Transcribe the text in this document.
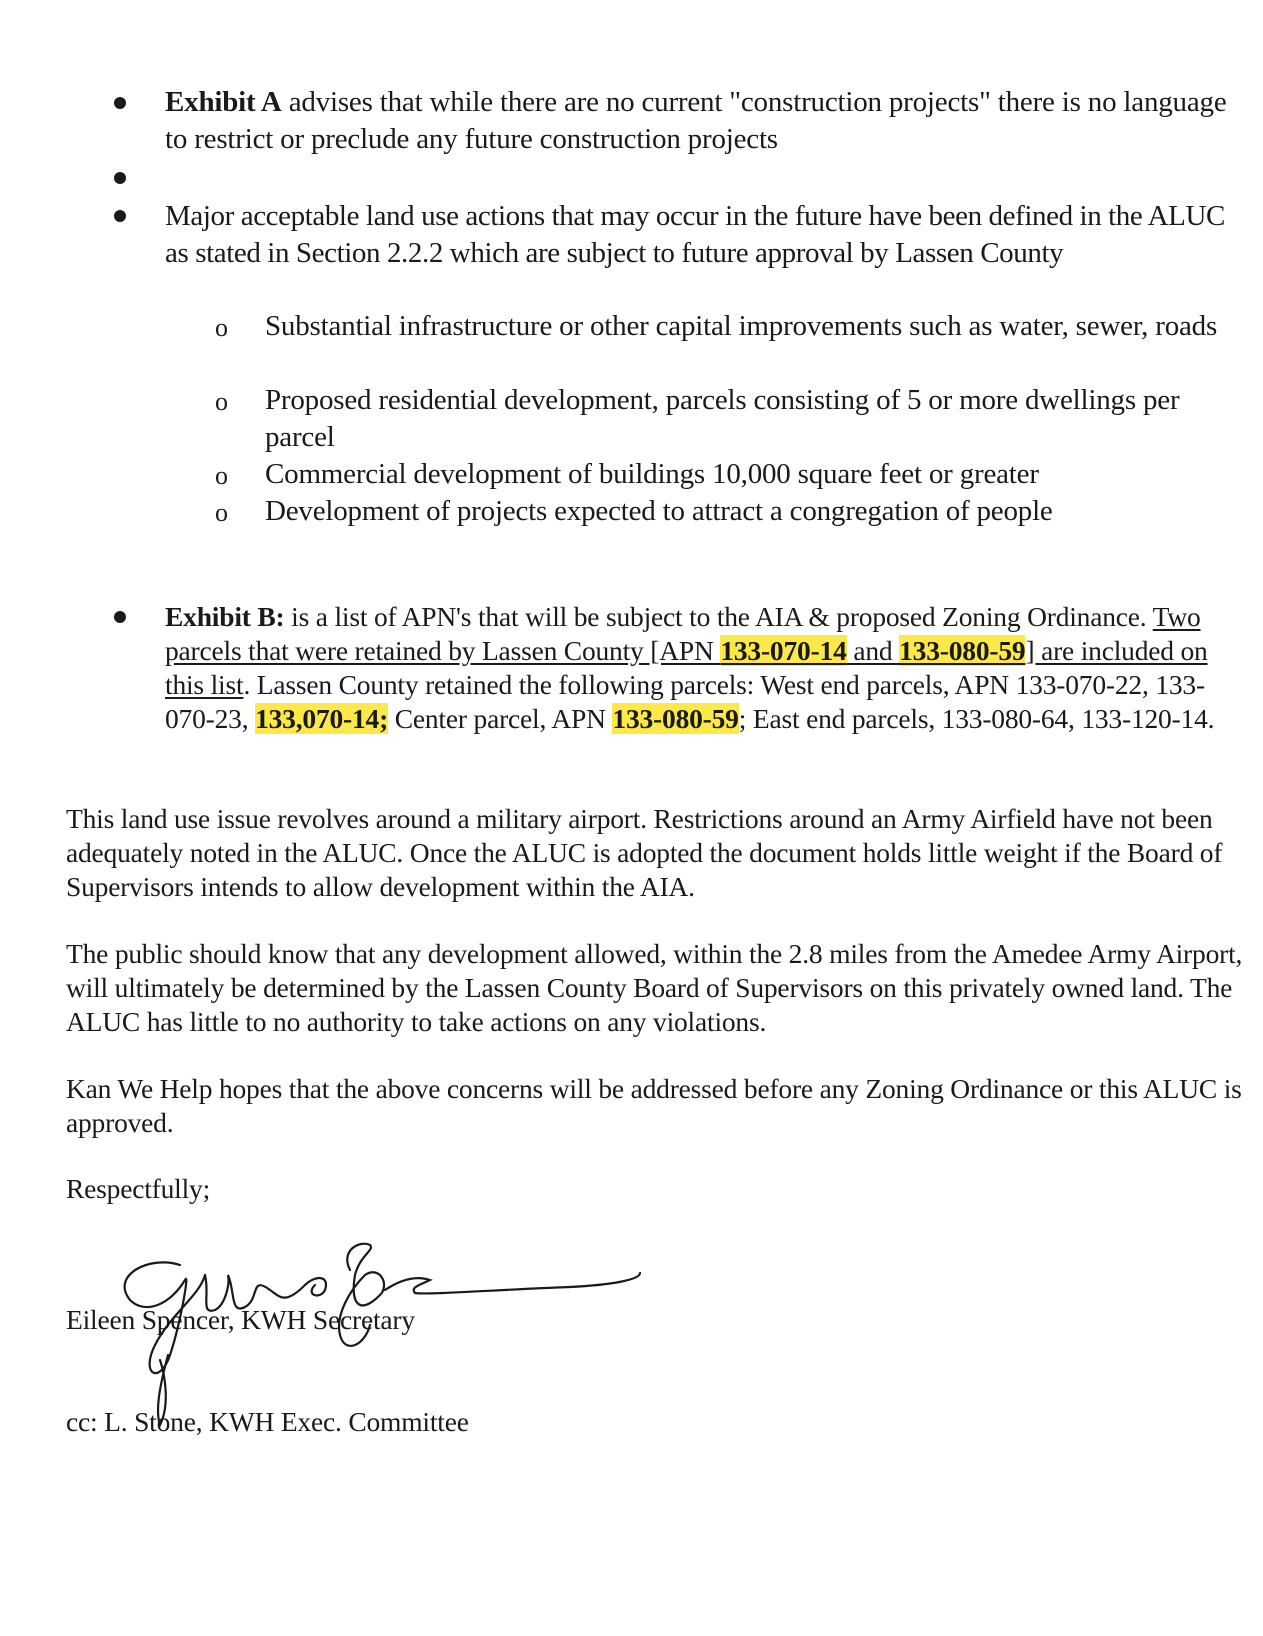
Exhibit A advises that while there are no current "construction projects" there is no language to restrict or preclude any future construction projects
Major acceptable land use actions that may occur in the future have been defined in the ALUC as stated in Section 2.2.2 which are subject to future approval by Lassen County
o Substantial infrastructure or other capital improvements such as water, sewer, roads
o Proposed residential development, parcels consisting of 5 or more dwellings per parcel
o Commercial development of buildings 10,000 square feet or greater
o Development of projects expected to attract a congregation of people
Exhibit B: is a list of APN's that will be subject to the AIA & proposed Zoning Ordinance. Two parcels that were retained by Lassen County [APN 133-070-14 and 133-080-59] are included on this list. Lassen County retained the following parcels: West end parcels, APN 133-070-22, 133-070-23, 133,070-14; Center parcel, APN 133-080-59; East end parcels, 133-080-64, 133-120-14.
This land use issue revolves around a military airport. Restrictions around an Army Airfield have not been adequately noted in the ALUC. Once the ALUC is adopted the document holds little weight if the Board of Supervisors intends to allow development within the AIA.
The public should know that any development allowed, within the 2.8 miles from the Amedee Army Airport, will ultimately be determined by the Lassen County Board of Supervisors on this privately owned land. The ALUC has little to no authority to take actions on any violations.
Kan We Help hopes that the above concerns will be addressed before any Zoning Ordinance or this ALUC is approved.
Respectfully;
Eileen Spencer, KWH Secretary
cc: L. Stone, KWH Exec. Committee
